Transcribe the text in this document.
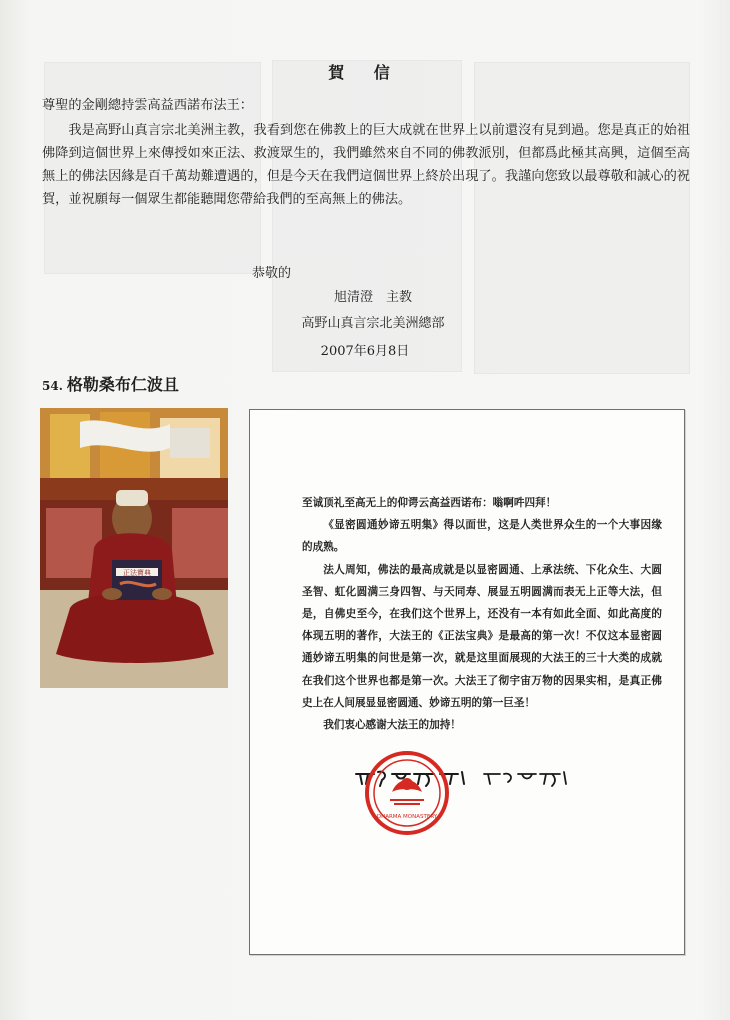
賀 信

尊聖的金剛總持雲高益西諾布法王：

我是高野山真言宗北美洲主教，我看到您在佛教上的巨大成就在世界上以前還沒有見到過。您是真正的始祖佛降到這個世界上來傳授如來正法、救渡眾生的，我們雖然來自不同的佛教派別，但都爲此極其高興，這個至高無上的佛法因緣是百千萬劫難遭遇的，但是今天在我們這個世界上終於出現了。我謹向您致以最尊敬和誠心的祝賀，並祝願每一個眾生都能聽聞您帶給我們的至高無上的佛法。

恭敬的
旭清澄　主教
高野山真言宗北美洲總部
2007年6月8日
54. 格勒桑布仁波且
正法寶典

至诚顶礼至高无上的仰谔云高益西诺布：嗡啊吽四拜！

《显密圆通妙谛五明集》得以面世，这是人类世界众生的一个大事因缘的成熟。

法人周知，佛法的最高成就是以显密圆通、上承法统、下化众生、大圆圣智、虹化圆满三身四智、与天同寿、展显五明圆满而表无上正等大法，但是，自佛史至今，在我们这个世界上，还没有一本有如此全面、如此高度的体现五明的著作，大法王的《正法宝典》是最高的第一次！不仅这本显密圆通妙谛五明集的问世是第一次，就是这里面展现的大法王的三十大类的成就在我们这个世界也都是第一次。大法王了彻宇宙万物的因果实相，是真正佛史上在人间展显显密圆通、妙谛五明的第一巨圣！

我们衷心感谢大法王的加持！

DHARMA MONASTERY
